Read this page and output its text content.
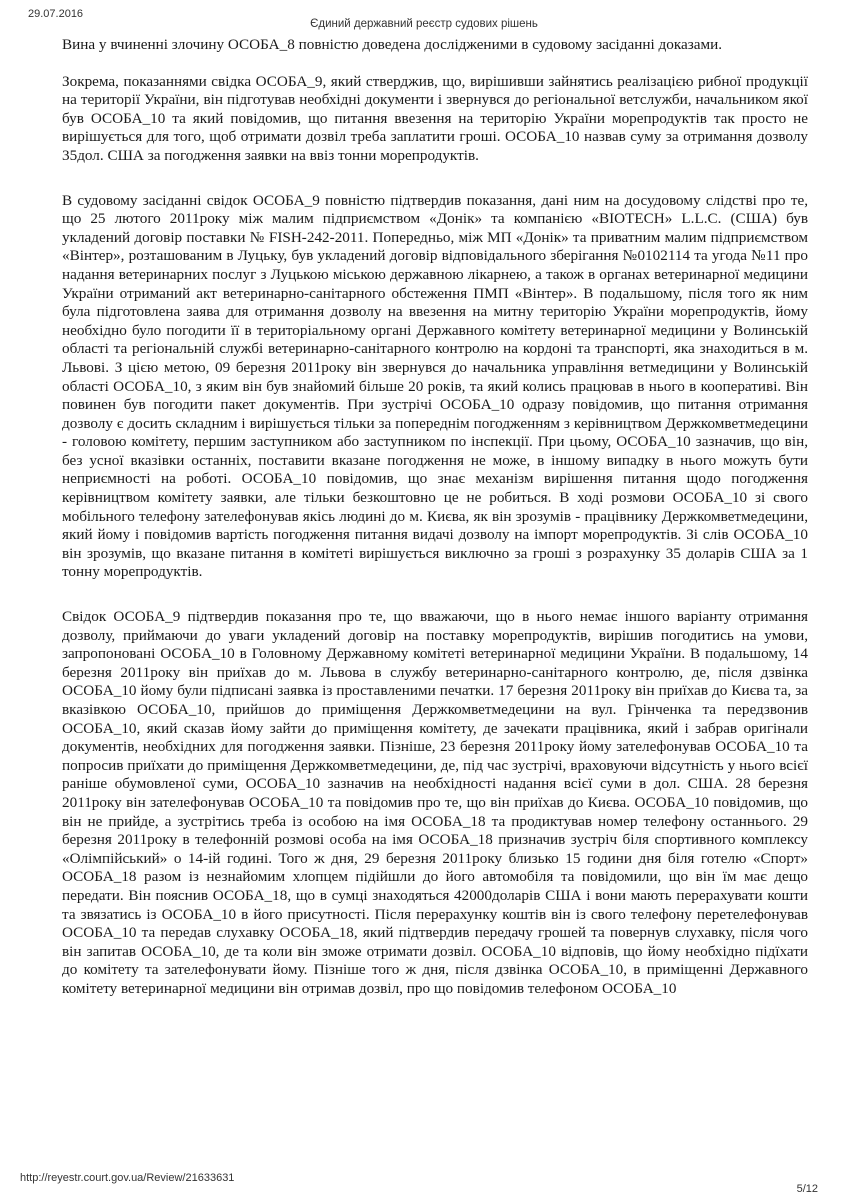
29.07.2016
Єдиний державний реєстр судових рішень

Вина у вчиненні злочину ОСОБА_8 повністю доведена дослідженими в судовому засіданні доказами.

Зокрема, показаннями свідка ОСОБА_9, який стверджив, що, вирішивши зайнятись реалізацією рибної продукції на території України, він підготував необхідні документи і звернувся до регіональної ветслужби, начальником якої був ОСОБА_10 та який повідомив, що питання ввезення на територію України морепродуктів так просто не вирішується для того, щоб отримати дозвіл треба заплатити гроші. ОСОБА_10 назвав суму за отримання дозволу 35дол. США за погодження заявки на ввіз тонни морепродуктів.

В судовому засіданні свідок ОСОБА_9 повністю підтвердив показання, дані ним на досудовому слідстві про те, що 25 лютого 2011року між малим підприємством «Донік» та компанією «BIOTECH» L.L.C. (США) був укладений договір поставки № FISH-242-2011. Попередньо, між МП «Донік» та приватним малим підприємством «Вінтер», розташованим в Луцьку, був укладений договір відповідального зберігання №0102114 та угода №11 про надання ветеринарних послуг з Луцькою міською державною лікарнею, а також в органах ветеринарної медицини України отриманий акт ветеринарно-санітарного обстеження ПМП «Вінтер». В подальшому, після того як ним була підготовлена заява для отримання дозволу на ввезення на митну територію України морепродуктів, йому необхідно було погодити її в територіальному органі Державного комітету ветеринарної медицини у Волинській області та регіональній службі ветеринарно-санітарного контролю на кордоні та транспорті, яка знаходиться в м. Львові. З цією метою, 09 березня 2011року він звернувся до начальника управління ветмедицини у Волинській області ОСОБА_10, з яким він був знайомий більше 20 років, та який колись працював в нього в кооперативі. Він повинен був погодити пакет документів. При зустрічі ОСОБА_10 одразу повідомив, що питання отримання дозволу є досить складним і вирішується тільки за попереднім погодженням з керівництвом Держкомветмедецини - головою комітету, першим заступником або заступником по інспекції. При цьому, ОСОБА_10 зазначив, що він, без усної вказівки останніх, поставити вказане погодження не може, в іншому випадку в нього можуть бути неприємності на роботі. ОСОБА_10 повідомив, що знає механізм вирішення питання щодо погодження керівництвом комітету заявки, але тільки безкоштовно це не робиться. В ході розмови ОСОБА_10 зі свого мобільного телефону зателефонував якісь людині до м. Києва, як він зрозумів - працівнику Держкомветмедецини, який йому і повідомив вартість погодження питання видачі дозволу на імпорт морепродуктів. Зі слів ОСОБА_10 він зрозумів, що вказане питання в комітеті вирішується виключно за гроші з розрахунку 35 доларів США за 1 тонну морепродуктів.

Свідок ОСОБА_9 підтвердив показання про те, що вважаючи, що в нього немає іншого варіанту отримання дозволу, приймаючи до уваги укладений договір на поставку морепродуктів, вирішив погодитись на умови, запропоновані ОСОБА_10 в Головному Державному комітеті ветеринарної медицини України. В подальшому, 14 березня 2011року він приїхав до м. Львова в службу ветеринарно-санітарного контролю, де, після дзвінка ОСОБА_10 йому були підписані заявка із проставленими печатки. 17 березня 2011року він приїхав до Києва та, за вказівкою ОСОБА_10, прийшов до приміщення Держкомветмедецини на вул. Грінченка та передзвонив ОСОБА_10, який сказав йому зайти до приміщення комітету, де зачекати працівника, який і забрав оригінали документів, необхідних для погодження заявки. Пізніше, 23 березня 2011року йому зателефонував ОСОБА_10 та попросив приїхати до приміщення Держкомветмедецини, де, під час зустрічі, враховуючи відсутність у нього всієї раніше обумовленої суми, ОСОБА_10 зазначив на необхідності надання всієї суми в дол. США. 28 березня 2011року він зателефонував ОСОБА_10 та повідомив про те, що він приїхав до Києва. ОСОБА_10 повідомив, що він не прийде, а зустрітись треба із особою на імя ОСОБА_18 та продиктував номер телефону останнього. 29 березня 2011року в телефонній розмові особа на імя ОСОБА_18 призначив зустріч біля спортивного комплексу «Олімпійський» о 14-ій годині. Того ж дня, 29 березня 2011року близько 15 години дня біля готелю «Спорт» ОСОБА_18 разом із незнайомим хлопцем підійшли до його автомобіля та повідомили, що він їм має дещо передати. Він пояснив ОСОБА_18, що в сумці знаходяться 42000доларів США і вони мають перерахувати кошти та звязатись із ОСОБА_10 в його присутності. Після перерахунку коштів він із свого телефону перетелефонував ОСОБА_10 та передав слухавку ОСОБА_18, який підтвердив передачу грошей та повернув слухавку, після чого він запитав ОСОБА_10, де та коли він зможе отримати дозвіл. ОСОБА_10 відповів, що йому необхідно підїхати до комітету та зателефонувати йому. Пізніше того ж дня, після дзвінка ОСОБА_10, в приміщенні Державного комітету ветеринарної медицини він отримав дозвіл, про що повідомив телефоном ОСОБА_10

http://reyestr.court.gov.ua/Review/21633631
5/12
